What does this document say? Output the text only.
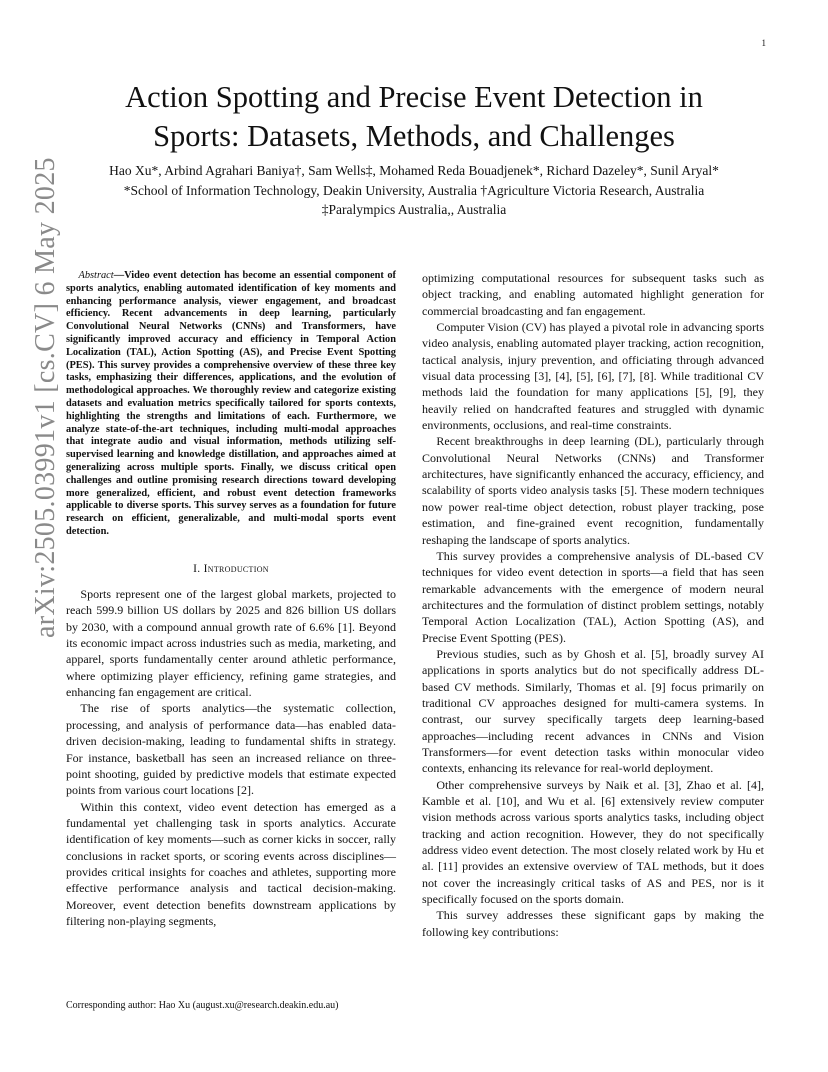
1
arXiv:2505.03991v1 [cs.CV] 6 May 2025
Action Spotting and Precise Event Detection in
Sports: Datasets, Methods, and Challenges
Hao Xu*, Arbind Agrahari Baniya†, Sam Wells‡, Mohamed Reda Bouadjenek*, Richard Dazeley*, Sunil Aryal*
*School of Information Technology, Deakin University, Australia †Agriculture Victoria Research, Australia
‡Paralympics Australia,, Australia

Abstract—Video event detection has become an essential component of sports analytics, enabling automated identification of key moments and enhancing performance analysis, viewer engagement, and broadcast efficiency. Recent advancements in deep learning, particularly Convolutional Neural Networks (CNNs) and Transformers, have significantly improved accuracy and efficiency in Temporal Action Localization (TAL), Action Spotting (AS), and Precise Event Spotting (PES). This survey provides a comprehensive overview of these three key tasks, emphasizing their differences, applications, and the evolution of methodological approaches. We thoroughly review and categorize existing datasets and evaluation metrics specifically tailored for sports contexts, highlighting the strengths and limitations of each. Furthermore, we analyze state-of-the-art techniques, including multi-modal approaches that integrate audio and visual information, methods utilizing self-supervised learning and knowledge distillation, and approaches aimed at generalizing across multiple sports. Finally, we discuss critical open challenges and outline promising research directions toward developing more generalized, efficient, and robust event detection frameworks applicable to diverse sports. This survey serves as a foundation for future research on efficient, generalizable, and multi-modal sports event detection.

I. Introduction

Sports represent one of the largest global markets, projected to reach 599.9 billion US dollars by 2025 and 826 billion US dollars by 2030, with a compound annual growth rate of 6.6% [1]. Beyond its economic impact across industries such as media, marketing, and apparel, sports fundamentally center around athletic performance, where optimizing player efficiency, refining game strategies, and enhancing fan engagement are critical.

The rise of sports analytics—the systematic collection, processing, and analysis of performance data—has enabled data-driven decision-making, leading to fundamental shifts in strategy. For instance, basketball has seen an increased reliance on three-point shooting, guided by predictive models that estimate expected points from various court locations [2].

Within this context, video event detection has emerged as a fundamental yet challenging task in sports analytics. Accurate identification of key moments—such as corner kicks in soccer, rally conclusions in racket sports, or scoring events across disciplines—provides critical insights for coaches and athletes, supporting more effective performance analysis and tactical decision-making. Moreover, event detection benefits downstream applications by filtering non-playing segments,

Corresponding author: Hao Xu (august.xu@research.deakin.edu.au)

optimizing computational resources for subsequent tasks such as object tracking, and enabling automated highlight generation for commercial broadcasting and fan engagement.

Computer Vision (CV) has played a pivotal role in advancing sports video analysis, enabling automated player tracking, action recognition, tactical analysis, injury prevention, and officiating through advanced visual data processing [3], [4], [5], [6], [7], [8]. While traditional CV methods laid the foundation for many applications [5], [9], they heavily relied on handcrafted features and struggled with dynamic environments, occlusions, and real-time constraints.

Recent breakthroughs in deep learning (DL), particularly through Convolutional Neural Networks (CNNs) and Transformer architectures, have significantly enhanced the accuracy, efficiency, and scalability of sports video analysis tasks [5]. These modern techniques now power real-time object detection, robust player tracking, pose estimation, and fine-grained event recognition, fundamentally reshaping the landscape of sports analytics.

This survey provides a comprehensive analysis of DL-based CV techniques for video event detection in sports—a field that has seen remarkable advancements with the emergence of modern neural architectures and the formulation of distinct problem settings, notably Temporal Action Localization (TAL), Action Spotting (AS), and Precise Event Spotting (PES).

Previous studies, such as by Ghosh et al. [5], broadly survey AI applications in sports analytics but do not specifically address DL-based CV methods. Similarly, Thomas et al. [9] focus primarily on traditional CV approaches designed for multi-camera systems. In contrast, our survey specifically targets deep learning-based approaches—including recent advances in CNNs and Vision Transformers—for event detection tasks within monocular video contexts, enhancing its relevance for real-world deployment.

Other comprehensive surveys by Naik et al. [3], Zhao et al. [4], Kamble et al. [10], and Wu et al. [6] extensively review computer vision methods across various sports analytics tasks, including object tracking and action recognition. However, they do not specifically address video event detection. The most closely related work by Hu et al. [11] provides an extensive overview of TAL methods, but it does not cover the increasingly critical tasks of AS and PES, nor is it specifically focused on the sports domain.

This survey addresses these significant gaps by making the following key contributions:
